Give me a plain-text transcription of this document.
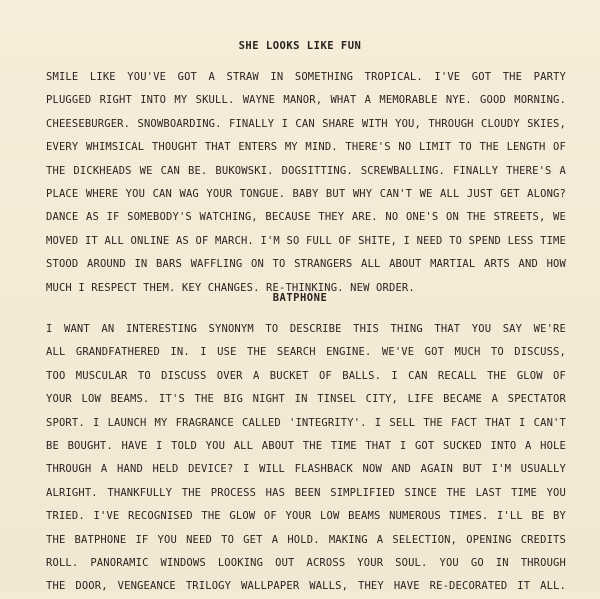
SHE LOOKS LIKE FUN
SMILE LIKE YOU'VE GOT A STRAW IN SOMETHING TROPICAL. I'VE GOT THE PARTY
PLUGGED RIGHT INTO MY SKULL. WAYNE MANOR, WHAT A MEMORABLE NYE. GOOD MORNING.
CHEESEBURGER. SNOWBOARDING. FINALLY I CAN SHARE WITH YOU, THROUGH CLOUDY SKIES,
EVERY WHIMSICAL THOUGHT THAT ENTERS MY MIND. THERE'S NO LIMIT TO THE LENGTH OF
THE DICKHEADS WE CAN BE. BUKOWSKI. DOGSITTING. SCREWBALLING. FINALLY THERE'S A
PLACE WHERE YOU CAN WAG YOUR TONGUE. BABY BUT WHY CAN'T WE ALL JUST GET ALONG?
DANCE AS IF SOMEBODY'S WATCHING, BECAUSE THEY ARE. NO ONE'S ON THE STREETS, WE
MOVED IT ALL ONLINE AS OF MARCH. I'M SO FULL OF SHITE, I NEED TO SPEND LESS TIME
STOOD AROUND IN BARS WAFFLING ON TO STRANGERS ALL ABOUT MARTIAL ARTS AND HOW
MUCH I RESPECT THEM. KEY CHANGES. RE-THINKING. NEW ORDER.
BATPHONE
I WANT AN INTERESTING SYNONYM TO DESCRIBE THIS THING THAT YOU SAY WE'RE
ALL GRANDFATHERED IN. I USE THE SEARCH ENGINE. WE'VE GOT MUCH TO DISCUSS,
TOO MUSCULAR TO DISCUSS OVER A BUCKET OF BALLS. I CAN RECALL THE GLOW OF
YOUR LOW BEAMS. IT'S THE BIG NIGHT IN TINSEL CITY, LIFE BECAME A SPECTATOR
SPORT. I LAUNCH MY FRAGRANCE CALLED 'INTEGRITY'. I SELL THE FACT THAT I CAN'T
BE BOUGHT. HAVE I TOLD YOU ALL ABOUT THE TIME THAT I GOT SUCKED INTO A HOLE
THROUGH A HAND HELD DEVICE? I WILL FLASHBACK NOW AND AGAIN BUT I'M USUALLY
ALRIGHT. THANKFULLY THE PROCESS HAS BEEN SIMPLIFIED SINCE THE LAST TIME YOU
TRIED. I'VE RECOGNISED THE GLOW OF YOUR LOW BEAMS NUMEROUS TIMES. I'LL BE BY
THE BATPHONE IF YOU NEED TO GET A HOLD. MAKING A SELECTION, OPENING CREDITS
ROLL. PANORAMIC WINDOWS LOOKING OUT ACROSS YOUR SOUL. YOU GO IN THROUGH
THE DOOR, VENGEANCE TRILOGY WALLPAPER WALLS, THEY HAVE RE-DECORATED IT ALL.
